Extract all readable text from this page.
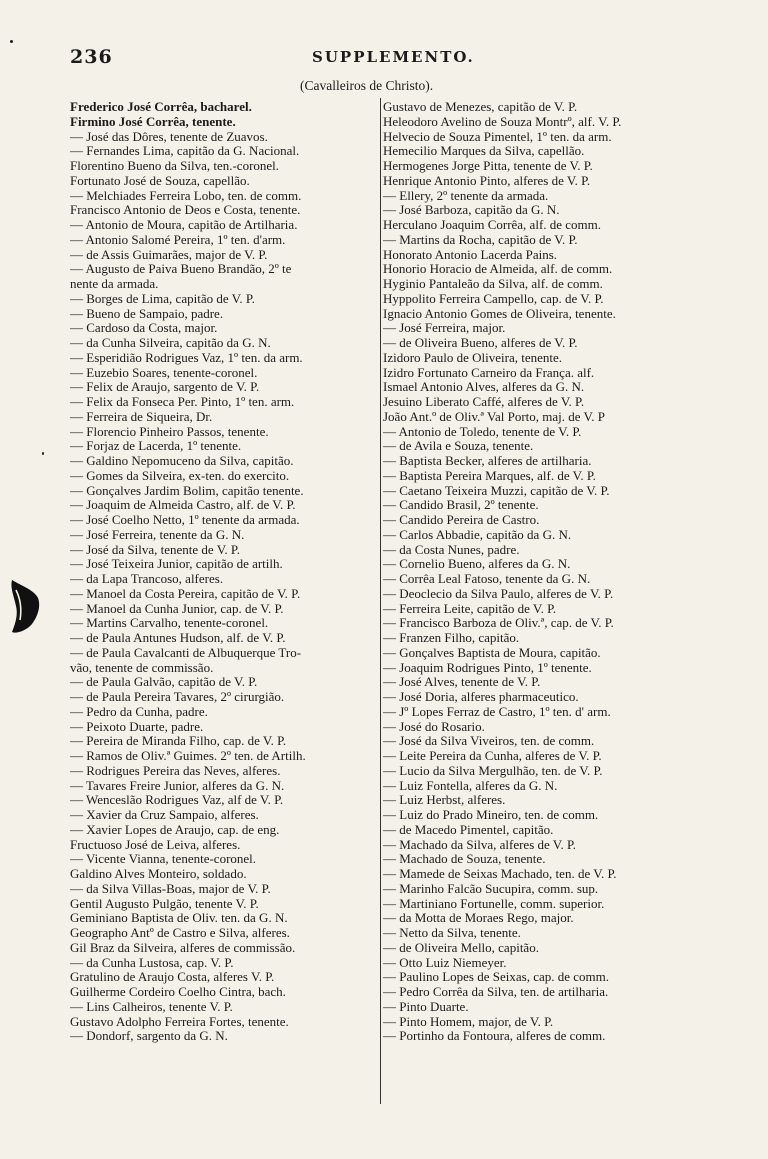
236	SUPPLEMENTO.
(Cavalleiros de Christo).
Frederico José Corrêa, bacharel.
Firmino José Corrêa, tenente.
— José das Dôres, tenente de Zuavos.
— Fernandes Lima, capitão da G. Nacional.
Florentino Bueno da Silva, ten.-coronel.
Fortunato José de Souza, capellão.
— Melchiades Ferreira Lobo, ten. de comm.
Francisco Antonio de Deos e Costa, tenente.
— Antonio de Moura, capitão de Artilharia.
— Antonio Salomé Pereira, 1º ten. d'arm.
— de Assis Guimarães, major de V. P.
— Augusto de Paiva Bueno Brandão, 2º te
nente da armada.
— Borges de Lima, capitão de V. P.
— Bueno de Sampaio, padre.
— Cardoso da Costa, major.
— da Cunha Silveira, capitão da G. N.
— Esperidião Rodrigues Vaz, 1º ten. da arm.
— Euzebio Soares, tenente-coronel.
— Felix de Araujo, sargento de V. P.
— Felix da Fonseca Per. Pinto, 1º ten. arm.
— Ferreira de Siqueira, Dr.
— Florencio Pinheiro Passos, tenente.
— Forjaz de Lacerda, 1º tenente.
— Galdino Nepomuceno da Silva, capitão.
— Gomes da Silveira, ex-ten. do exercito.
— Gonçalves Jardim Bolim, capitão tenente.
— Joaquim de Almeida Castro, alf. de V. P.
— José Coelho Netto, 1º tenente da armada.
— José Ferreira, tenente da G. N.
— José da Silva, tenente de V. P.
— José Teixeira Junior, capitão de artilh.
— da Lapa Trancoso, alferes.
— Manoel da Costa Pereira, capitão de V. P.
— Manoel da Cunha Junior, cap. de V. P.
— Martins Carvalho, tenente-coronel.
— de Paula Antunes Hudson, alf. de V. P.
— de Paula Cavalcanti de Albuquerque Tro-
vão, tenente de commissão.
— de Paula Galvão, capitão de V. P.
— de Paula Pereira Tavares, 2º cirurgião.
— Pedro da Cunha, padre.
— Peixoto Duarte, padre.
— Pereira de Miranda Filho, cap. de V. P.
— Ramos de Oliv.ª Guimes. 2º ten. de Artilh.
— Rodrigues Pereira das Neves, alferes.
— Tavares Freire Junior, alferes da G. N.
— Wenceslão Rodrigues Vaz, alf de V. P.
— Xavier da Cruz Sampaio, alferes.
— Xavier Lopes de Araujo, cap. de eng.
Fructuoso José de Leiva, alferes.
— Vicente Vianna, tenente-coronel.
Galdino Alves Monteiro, soldado.
— da Silva Villas-Boas, major de V. P.
Gentil Augusto Pulgão, tenente V. P.
Geminiano Baptista de Oliv. ten. da G. N.
Geographo Antº de Castro e Silva, alferes.
Gil Braz da Silveira, alferes de commissão.
— da Cunha Lustosa, cap. V. P.
Gratulino de Araujo Costa, alferes V. P.
Guilherme Cordeiro Coelho Cintra, bach.
— Lins Calheiros, tenente V. P.
Gustavo Adolpho Ferreira Fortes, tenente.
— Dondorf, sargento da G. N.
Gustavo de Menezes, capitão de V. P.
Heleodoro Avelino de Souza Montrº, alf. V. P.
Helvecio de Souza Pimentel, 1º ten. da arm.
Hemecilio Marques da Silva, capellão.
Hermogenes Jorge Pitta, tenente de V. P.
Henrique Antonio Pinto, alferes de V. P.
— Ellery, 2º tenente da armada.
— José Barboza, capitão da G. N.
Herculano Joaquim Corrêa, alf. de comm.
— Martins da Rocha, capitão de V. P.
Honorato Antonio Lacerda Pains.
Honorio Horacio de Almeida, alf. de comm.
Hyginio Pantaleão da Silva, alf. de comm.
Hyppolito Ferreira Campello, cap. de V. P.
Ignacio Antonio Gomes de Oliveira, tenente.
— José Ferreira, major.
— de Oliveira Bueno, alferes de V. P.
Izidoro Paulo de Oliveira, tenente.
Izidro Fortunato Carneiro da França. alf.
Ismael Antonio Alves, alferes da G. N.
Jesuino Liberato Caffé, alferes de V. P.
João Ant.º de Oliv.ª Val Porto, maj. de V. P
— Antonio de Toledo, tenente de V. P.
— de Avila e Souza, tenente.
— Baptista Becker, alferes de artilharia.
— Baptista Pereira Marques, alf. de V. P.
— Caetano Teixeira Muzzi, capitão de V. P.
— Candido Brasil, 2º tenente.
— Candido Pereira de Castro.
— Carlos Abbadie, capitão da G. N.
— da Costa Nunes, padre.
— Cornelio Bueno, alferes da G. N.
— Corrêa Leal Fatoso, tenente da G. N.
— Deoclecio da Silva Paulo, alferes de V. P.
— Ferreira Leite, capitão de V. P.
— Francisco Barboza de Oliv.ª, cap. de V. P.
— Franzen Filho, capitão.
— Gonçalves Baptista de Moura, capitão.
— Joaquim Rodrigues Pinto, 1º tenente.
— José Alves, tenente de V. P.
— José Doria, alferes pharmaceutico.
— Jº Lopes Ferraz de Castro, 1º ten. d' arm.
— José do Rosario.
— José da Silva Viveiros, ten. de comm.
— Leite Pereira da Cunha, alferes de V. P.
— Lucio da Silva Mergulhão, ten. de V. P.
— Luiz Fontella, alferes da G. N.
— Luiz Herbst, alferes.
— Luiz do Prado Mineiro, ten. de comm.
— de Macedo Pimentel, capitão.
— Machado da Silva, alferes de V. P.
— Machado de Souza, tenente.
— Mamede de Seixas Machado, ten. de V. P.
— Marinho Falcão Sucupira, comm. sup.
— Martiniano Fortunelle, comm. superior.
— da Motta de Moraes Rego, major.
— Netto da Silva, tenente.
— de Oliveira Mello, capitão.
— Otto Luiz Niemeyer.
— Paulino Lopes de Seixas, cap. de comm.
— Pedro Corrêa da Silva, ten. de artilharia.
— Pinto Duarte.
— Pinto Homem, major, de V. P.
— Portinho da Fontoura, alferes de comm.
